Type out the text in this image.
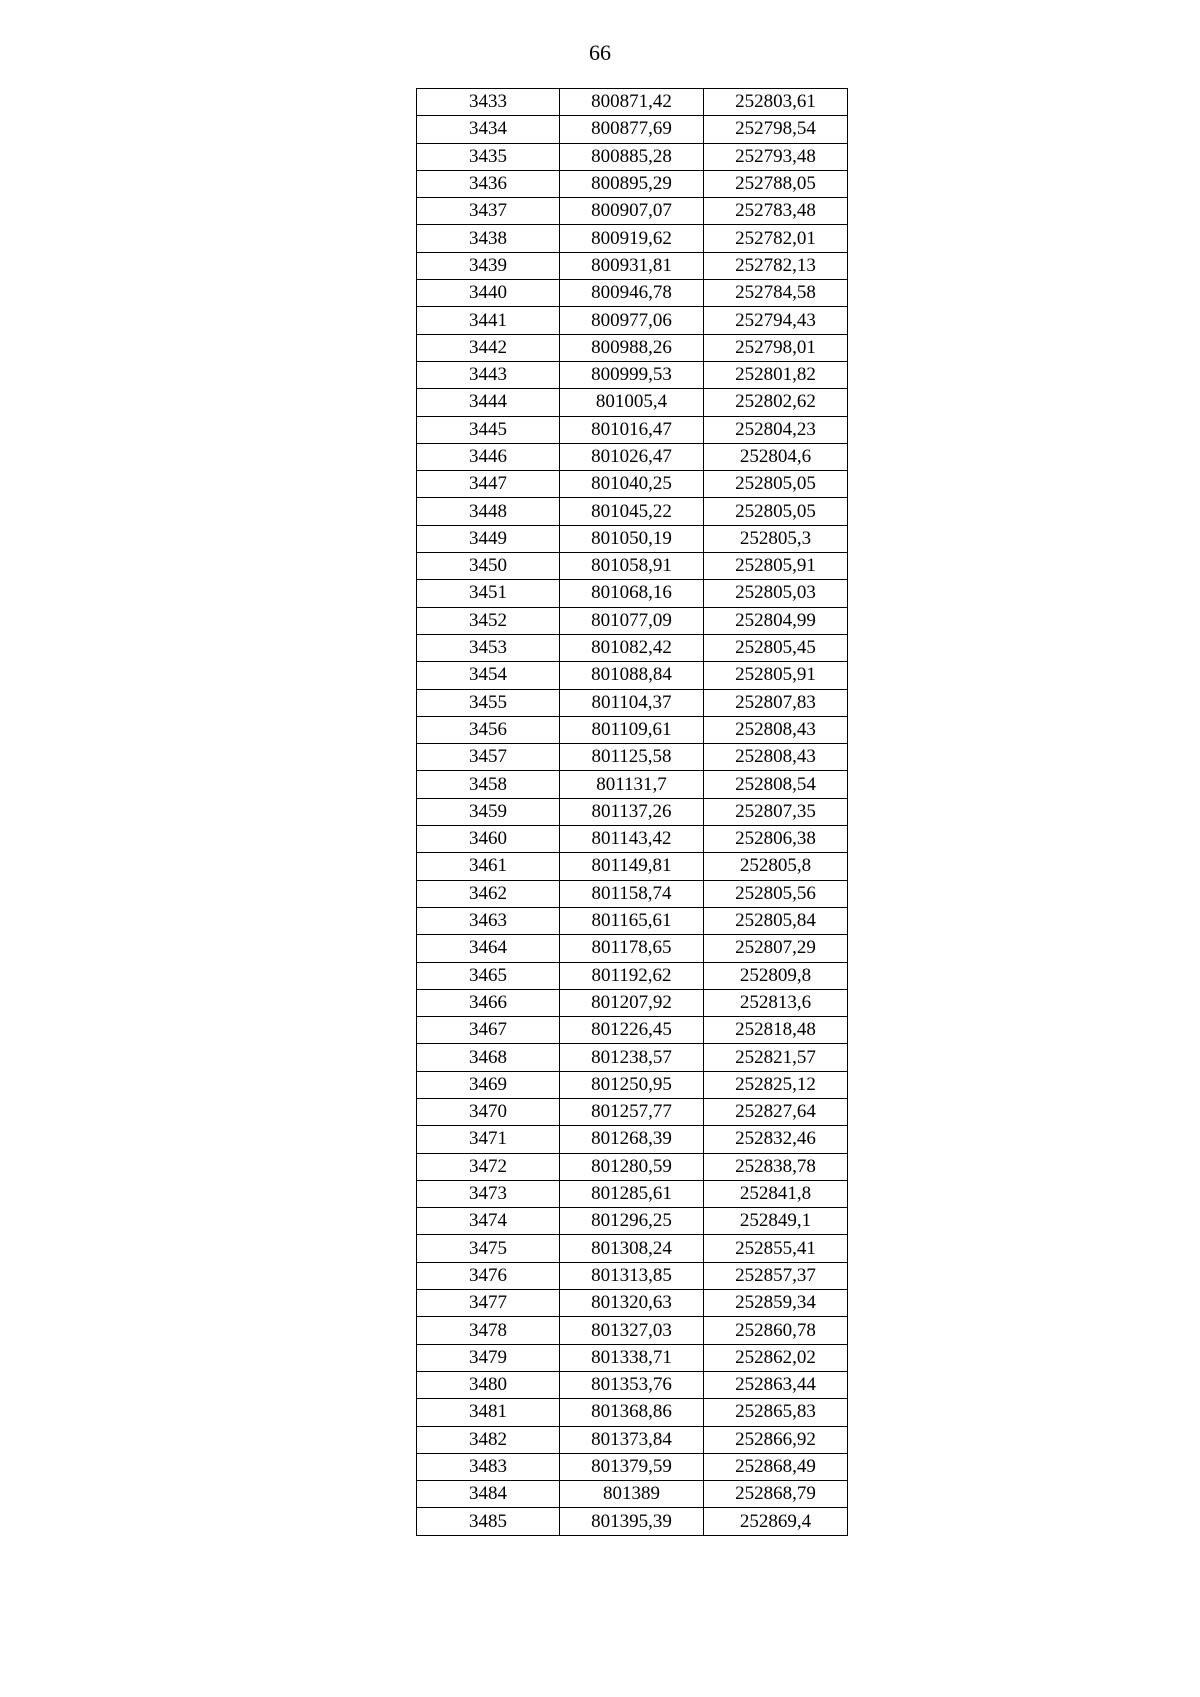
66
3433	800871,42	252803,61
3434	800877,69	252798,54
3435	800885,28	252793,48
3436	800895,29	252788,05
3437	800907,07	252783,48
3438	800919,62	252782,01
3439	800931,81	252782,13
3440	800946,78	252784,58
3441	800977,06	252794,43
3442	800988,26	252798,01
3443	800999,53	252801,82
3444	801005,4	252802,62
3445	801016,47	252804,23
3446	801026,47	252804,6
3447	801040,25	252805,05
3448	801045,22	252805,05
3449	801050,19	252805,3
3450	801058,91	252805,91
3451	801068,16	252805,03
3452	801077,09	252804,99
3453	801082,42	252805,45
3454	801088,84	252805,91
3455	801104,37	252807,83
3456	801109,61	252808,43
3457	801125,58	252808,43
3458	801131,7	252808,54
3459	801137,26	252807,35
3460	801143,42	252806,38
3461	801149,81	252805,8
3462	801158,74	252805,56
3463	801165,61	252805,84
3464	801178,65	252807,29
3465	801192,62	252809,8
3466	801207,92	252813,6
3467	801226,45	252818,48
3468	801238,57	252821,57
3469	801250,95	252825,12
3470	801257,77	252827,64
3471	801268,39	252832,46
3472	801280,59	252838,78
3473	801285,61	252841,8
3474	801296,25	252849,1
3475	801308,24	252855,41
3476	801313,85	252857,37
3477	801320,63	252859,34
3478	801327,03	252860,78
3479	801338,71	252862,02
3480	801353,76	252863,44
3481	801368,86	252865,83
3482	801373,84	252866,92
3483	801379,59	252868,49
3484	801389	252868,79
3485	801395,39	252869,4
